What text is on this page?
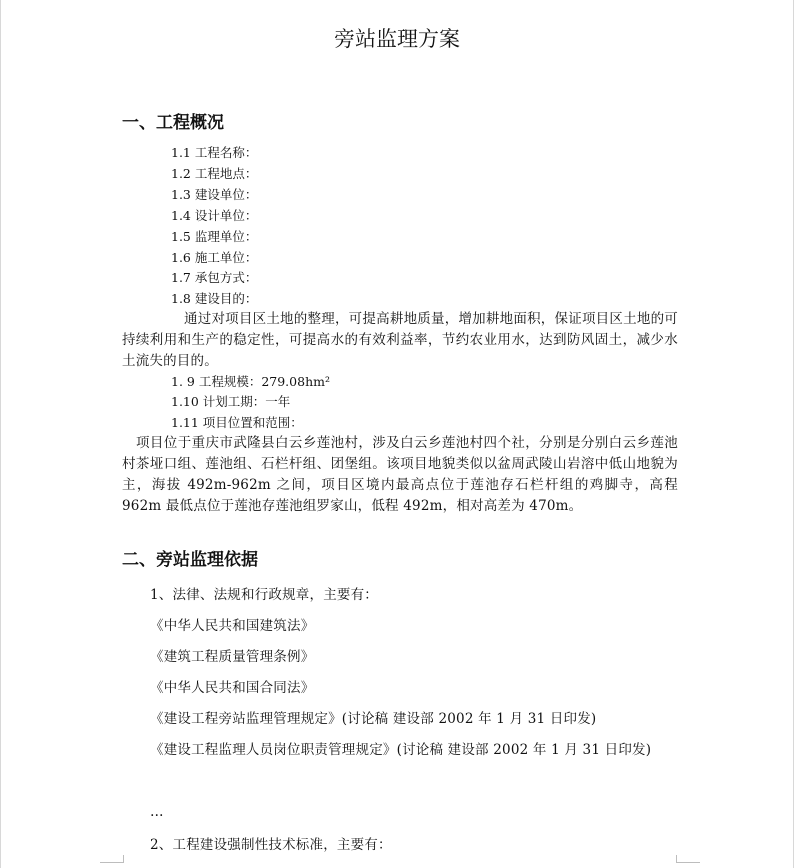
旁站监理方案
一、工程概况
1.1 工程名称：
1.2 工程地点：
1.3 建设单位：
1.4 设计单位：
1.5 监理单位：
1.6 施工单位：
1.7 承包方式：
1.8 建设目的：
通过对项目区土地的整理，可提高耕地质量，增加耕地面积，保证项目区土地的可持续利用和生产的稳定性，可提高水的有效利益率，节约农业用水，达到防风固土，减少水土流失的目的。
1. 9 工程规模：279.08hm²
1.10 计划工期：一年
1.11 项目位置和范围：
项目位于重庆市武隆县白云乡莲池村，涉及白云乡莲池村四个社，分别是分别白云乡莲池村茶垭口组、莲池组、石栏杆组、团堡组。该项目地貌类似以盆周武陵山岩溶中低山地貌为主，海拔 492m-962m 之间，项目区境内最高点位于莲池存石栏杆组的鸡脚寺，高程 962m 最低点位于莲池存莲池组罗家山，低程 492m，相对高差为 470m。
二、旁站监理依据
1、法律、法规和行政规章，主要有：
《中华人民共和国建筑法》
《建筑工程质量管理条例》
《中华人民共和国合同法》
《建设工程旁站监理管理规定》(讨论稿 建设部 2002 年 1 月 31 日印发)
《建设工程监理人员岗位职责管理规定》(讨论稿 建设部 2002 年 1 月 31 日印发)
…
2、工程建设强制性技术标准，主要有：
